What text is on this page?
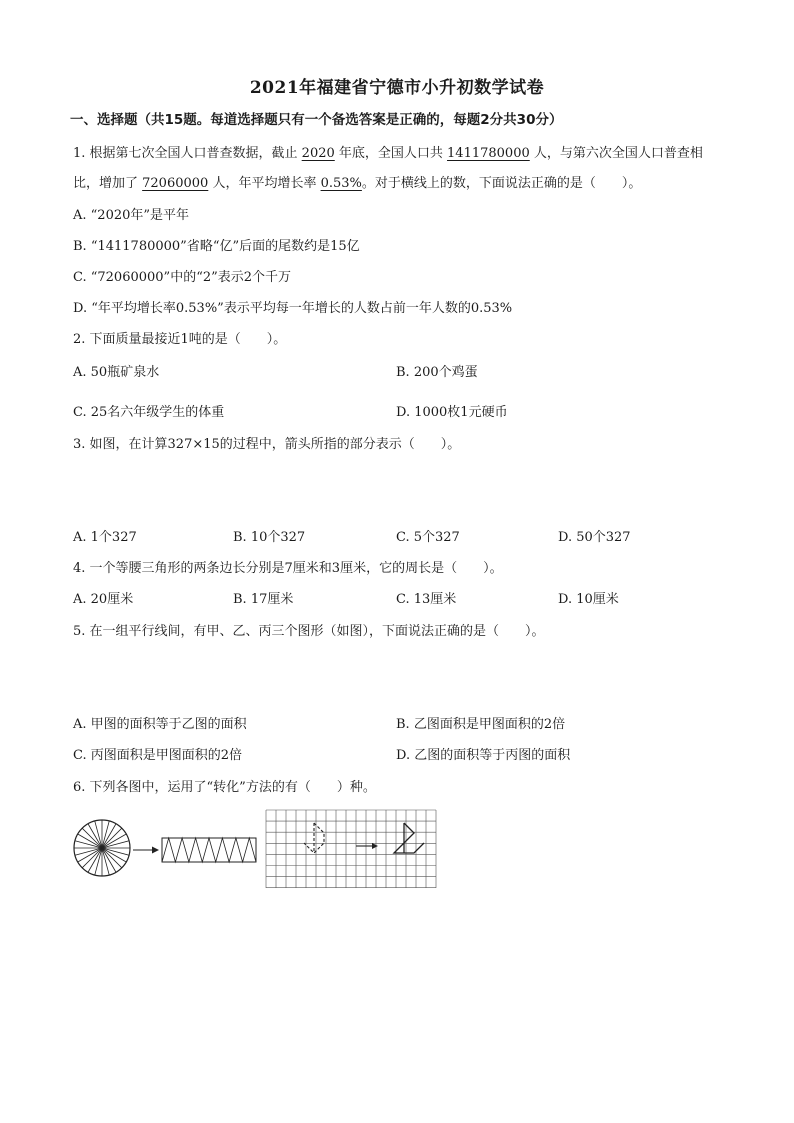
2021年福建省宁德市小升初数学试卷
一、选择题（共15题。每道选择题只有一个备选答案是正确的，每题2分共30分）
1. 根据第七次全国人口普查数据，截止 2020 年底，全国人口共 1411780000 人，与第六次全国人口普查相
比，增加了 72060000 人，年平均增长率 0.53%。对于横线上的数，下面说法正确的是（　　）。
A. “2020年”是平年
B. “1411780000”省略“亿”后面的尾数约是15亿
C. “72060000”中的“2”表示2个千万
D. “年平均增长率0.53%”表示平均每一年增长的人数占前一年人数的0.53%
2. 下面质量最接近1吨的是（　　）。
A. 50瓶矿泉水	B. 200个鸡蛋
C. 25名六年级学生的体重	D. 1000枚1元硬币
3. 如图，在计算327×15的过程中，箭头所指的部分表示（　　）。
A. 1个327	B. 10个327	C. 5个327	D. 50个327
4. 一个等腰三角形的两条边长分别是7厘米和3厘米，它的周长是（　　）。
A. 20厘米	B. 17厘米	C. 13厘米	D. 10厘米
5. 在一组平行线间，有甲、乙、丙三个图形（如图），下面说法正确的是（　　）。
A. 甲图的面积等于乙图的面积	B. 乙图面积是甲图面积的2倍
C. 丙图面积是甲图面积的2倍	D. 乙图的面积等于丙图的面积
6. 下列各图中，运用了“转化”方法的有（　　）种。
